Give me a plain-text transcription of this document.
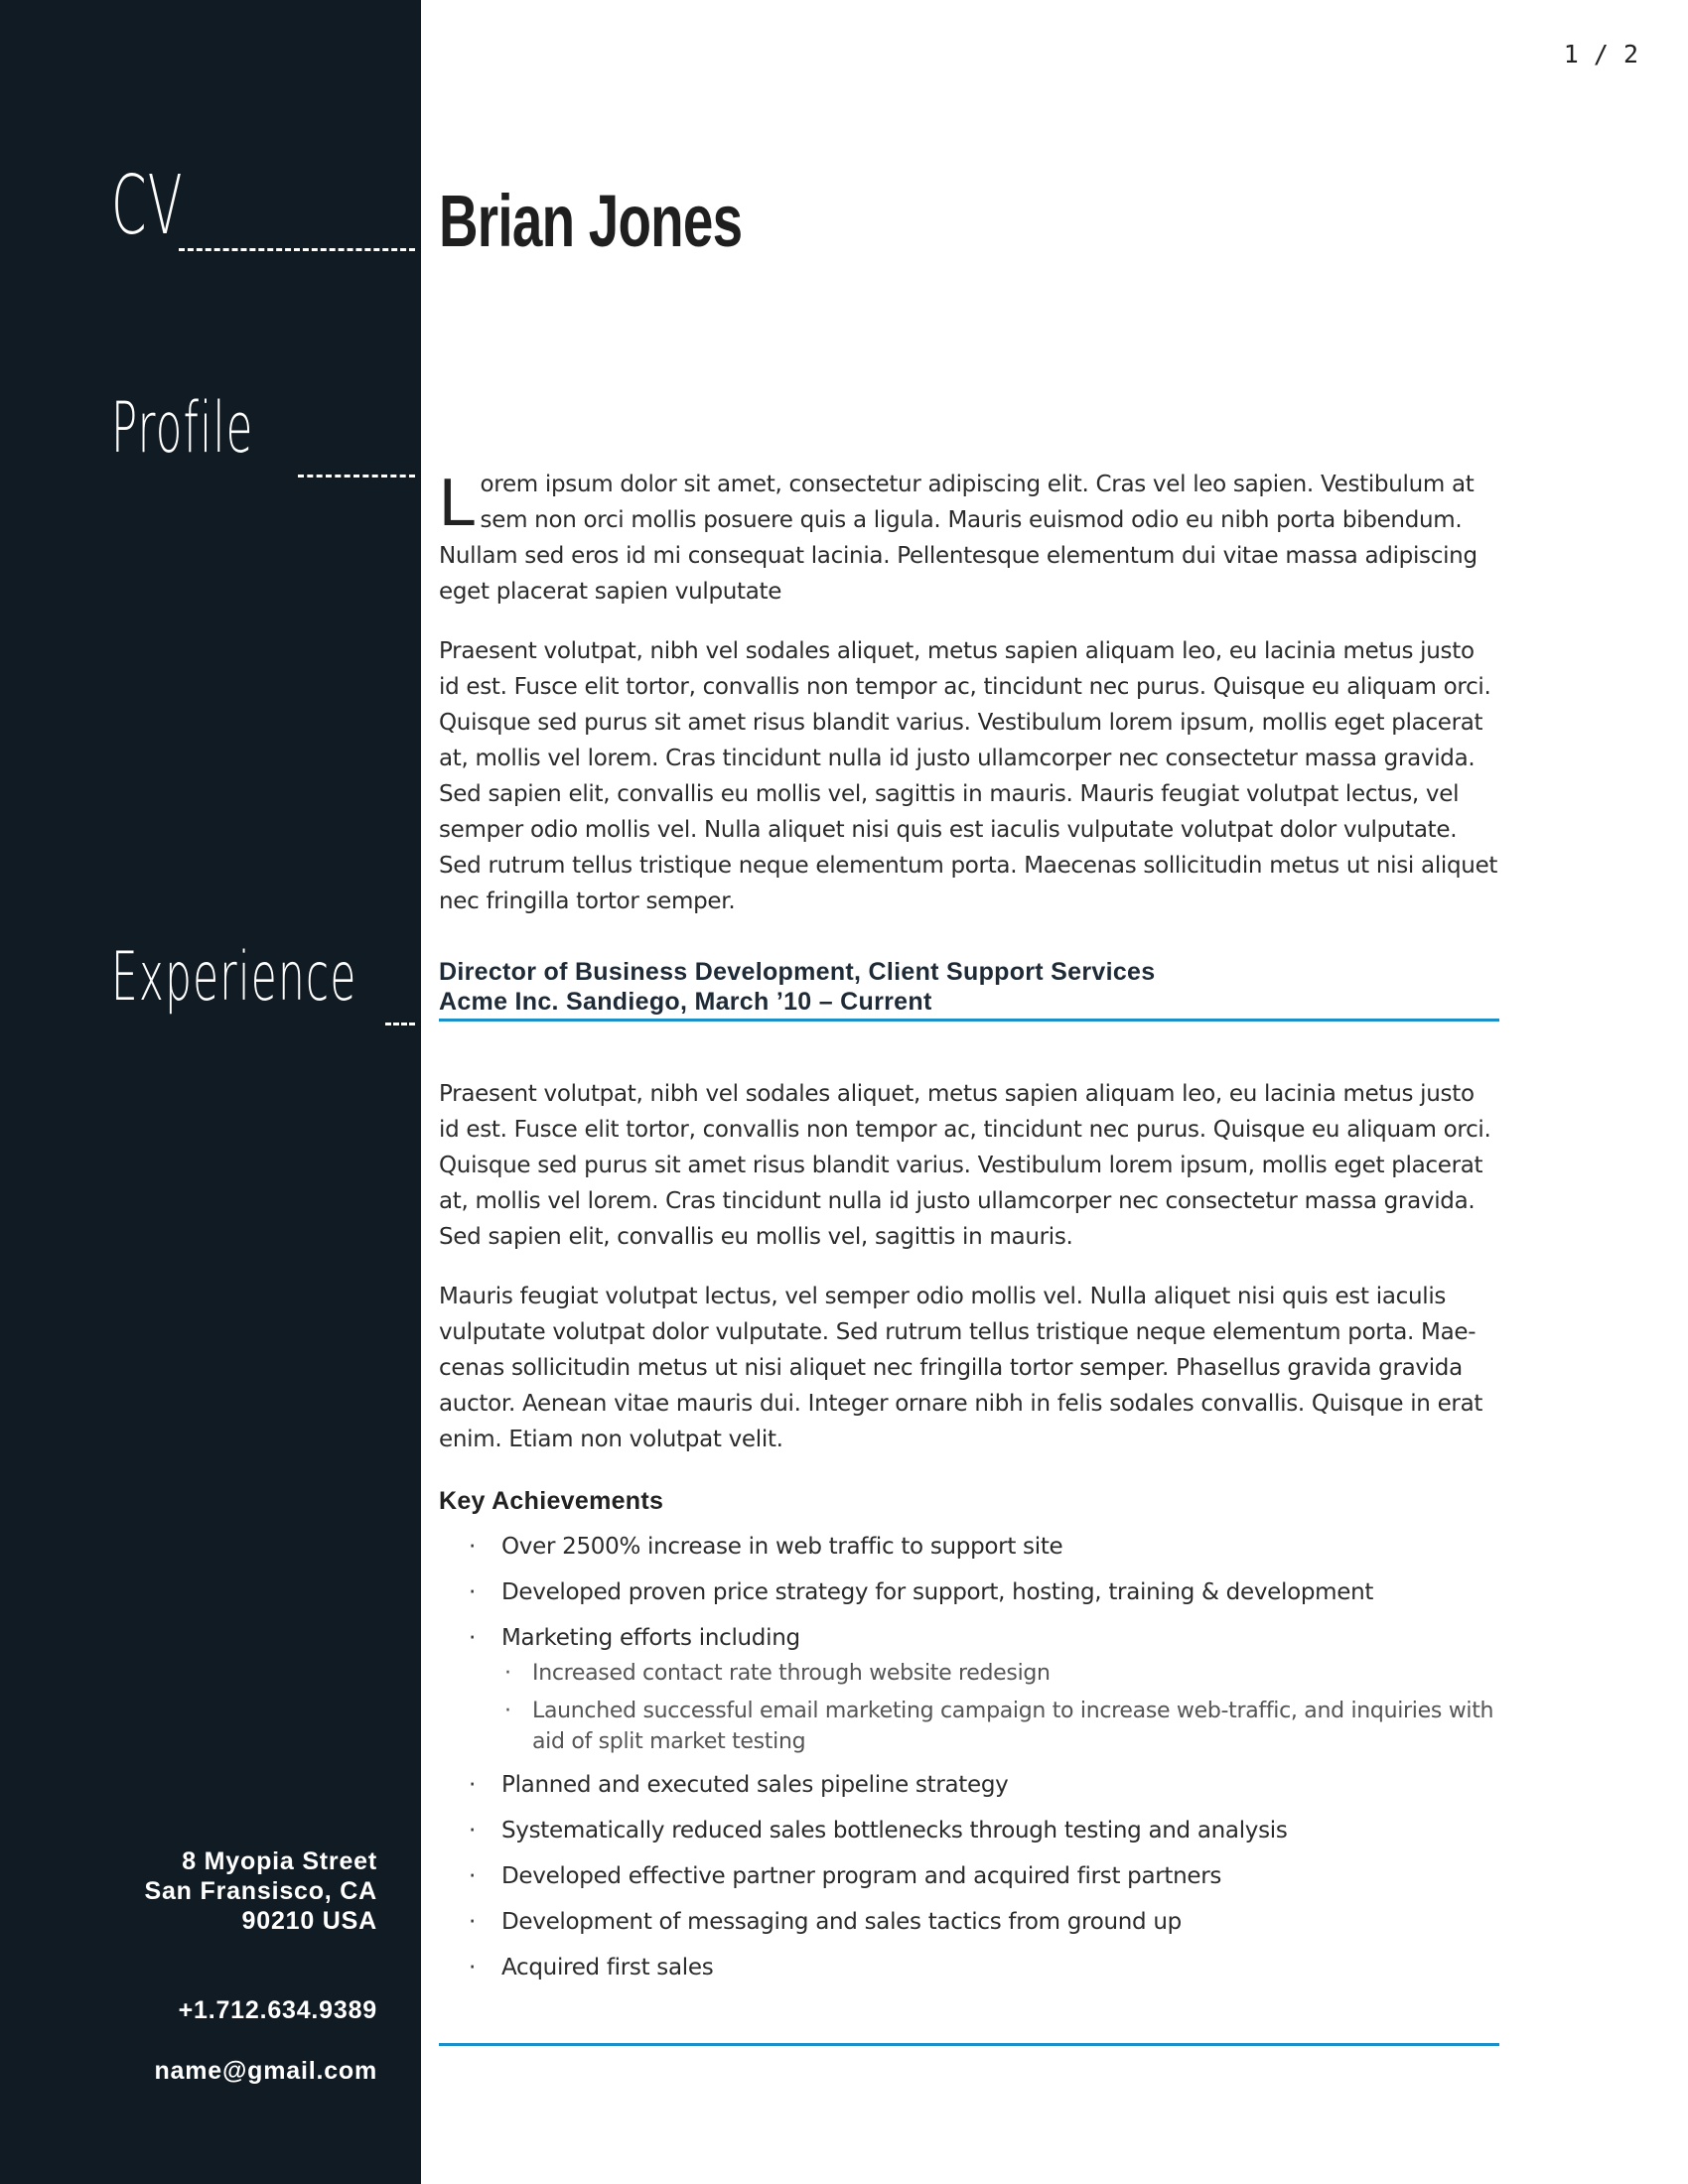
1 / 2
CV	Brian Jones
Profile
Experience

Lorem ipsum dolor sit amet, consectetur adipiscing elit. Cras vel leo sapien. Vestibulum at sem non orci mollis posuere quis a ligula. Mauris euismod odio eu nibh porta bibendum. Nullam sed eros id mi consequat lacinia. Pellentesque elementum dui vitae massa adipiscing eget placerat sapien vulputate

Praesent volutpat, nibh vel sodales aliquet, metus sapien aliquam leo, eu lacinia metus justo id est. Fusce elit tortor, convallis non tempor ac, tincidunt nec purus. Quisque eu aliquam orci. Quisque sed purus sit amet risus blandit varius. Vestibulum lorem ipsum, mollis eget placerat at, mollis vel lorem. Cras tincidunt nulla id justo ullamcorper nec consectetur massa gravida. Sed sapien elit, convallis eu mollis vel, sagittis in mauris. Mauris feugiat volutpat lectus, vel semper odio mollis vel. Nulla aliquet nisi quis est iaculis vulputate volutpat dolor vulputate. Sed rutrum tellus tristique neque elementum porta. Maecenas sollicitudin metus ut nisi aliquet nec fringilla tortor semper.

Director of Business Development, Client Support Services
Acme Inc. Sandiego, March ’10 – Current

Praesent volutpat, nibh vel sodales aliquet, metus sapien aliquam leo, eu lacinia metus justo id est. Fusce elit tortor, convallis non tempor ac, tincidunt nec purus. Quisque eu aliquam orci. Quisque sed purus sit amet risus blandit varius. Vestibulum lorem ipsum, mollis eget placerat at, mollis vel lorem. Cras tincidunt nulla id justo ullamcorper nec consectetur massa gravida. Sed sapien elit, convallis eu mollis vel, sagittis in mauris.

Mauris feugiat volutpat lectus, vel semper odio mollis vel. Nulla aliquet nisi quis est iaculis vulputate volutpat dolor vulputate. Sed rutrum tellus tristique neque elementum porta. Mae-cenas sollicitudin metus ut nisi aliquet nec fringilla tortor semper. Phasellus gravida gravida auctor. Aenean vitae mauris dui. Integer ornare nibh in felis sodales convallis. Quisque in erat enim. Etiam non volutpat velit.

Key Achievements
· Over 2500% increase in web traffic to support site
· Developed proven price strategy for support, hosting, training & development
· Marketing efforts including
· Increased contact rate through website redesign
· Launched successful email marketing campaign to increase web-traffic, and inquiries with aid of split market testing
· Planned and executed sales pipeline strategy
· Systematically reduced sales bottlenecks through testing and analysis
· Developed effective partner program and acquired first partners
· Development of messaging and sales tactics from ground up
· Acquired first sales
8 Myopia Street
San Fransisco, CA
90210 USA
+1.712.634.9389
name@gmail.com
